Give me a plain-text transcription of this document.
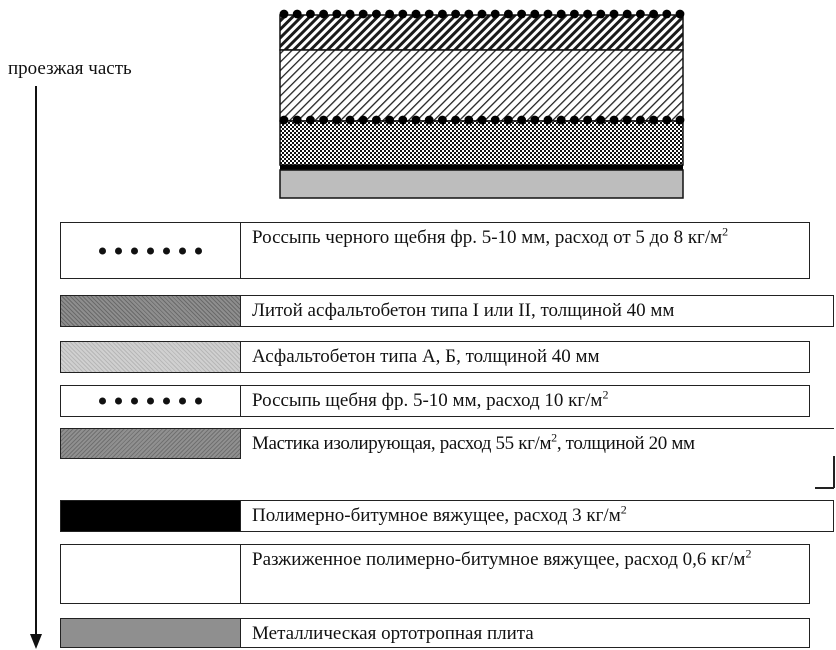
проезжая часть
Россыпь черного щебня фр. 5-10 мм, расход от 5 до 8 $кг/м^2$
Литой асфальтобетон типа I или II, толщиной 40 мм
Асфальтобетон типа А, Б, толщиной 40 мм
Россыпь щебня фр. 5-10 мм, расход 10 $кг/м^2$
Мастика изолирующая, расход 55 $кг/м^2$, толщиной 20 мм
Полимерно-битумное вяжущее, расход 3 $кг/м^2$
Разжиженное полимерно-битумное вяжущее, расход 0,6 $кг/м^2$
Металлическая ортотропная плита
